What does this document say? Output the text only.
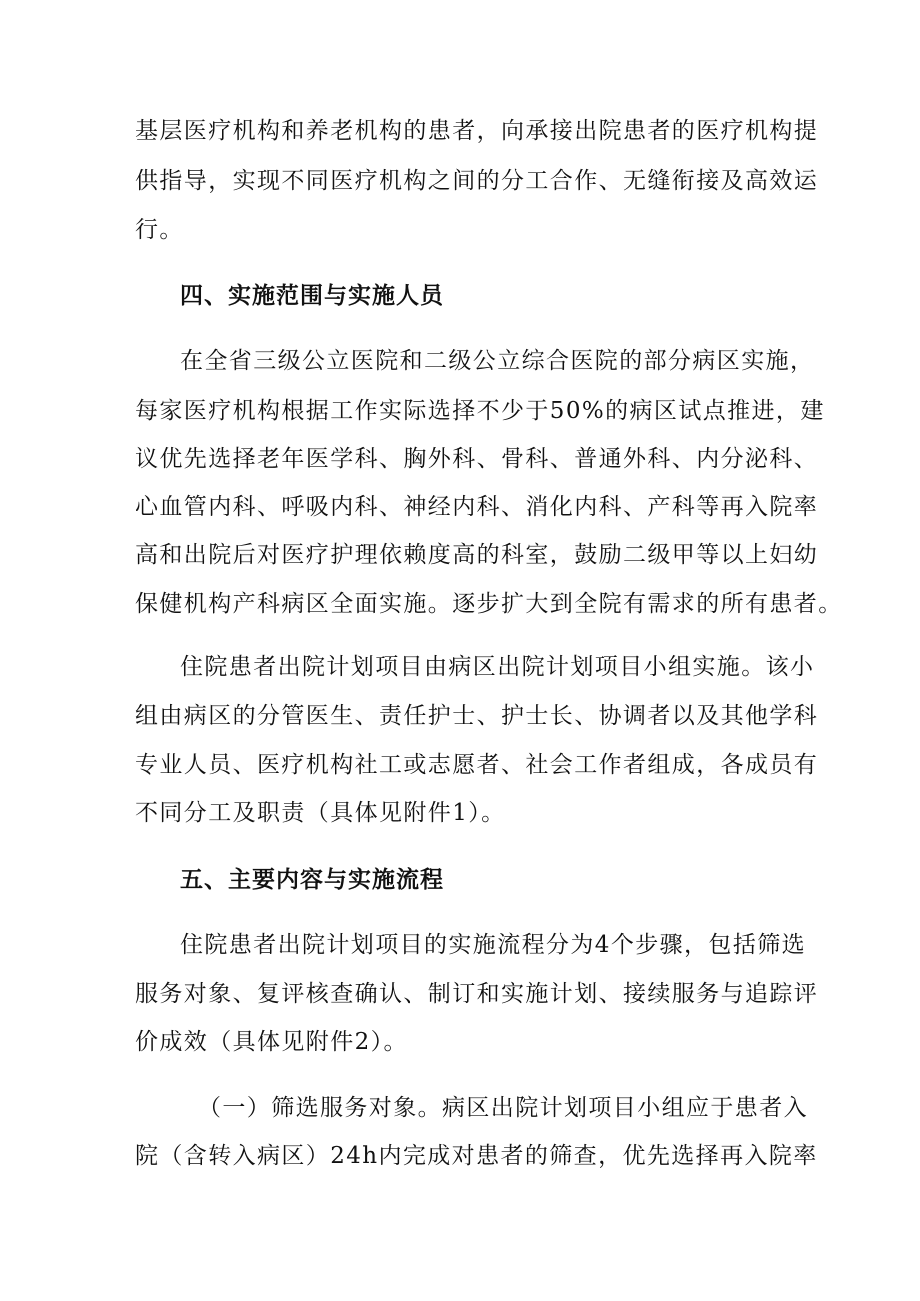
基层医疗机构和养老机构的患者，向承接出院患者的医疗机构提
供指导，实现不同医疗机构之间的分工合作、无缝衔接及高效运
行。
四、实施范围与实施人员
在全省三级公立医院和二级公立综合医院的部分病区实施，
每家医疗机构根据工作实际选择不少于50%的病区试点推进，建
议优先选择老年医学科、胸外科、骨科、普通外科、内分泌科、
心血管内科、呼吸内科、神经内科、消化内科、产科等再入院率
高和出院后对医疗护理依赖度高的科室，鼓励二级甲等以上妇幼
保健机构产科病区全面实施。逐步扩大到全院有需求的所有患者。
住院患者出院计划项目由病区出院计划项目小组实施。该小
组由病区的分管医生、责任护士、护士长、协调者以及其他学科
专业人员、医疗机构社工或志愿者、社会工作者组成，各成员有
不同分工及职责（具体见附件1）。
五、主要内容与实施流程
住院患者出院计划项目的实施流程分为4个步骤，包括筛选
服务对象、复评核查确认、制订和实施计划、接续服务与追踪评
价成效（具体见附件2）。
（一）筛选服务对象。病区出院计划项目小组应于患者入
院（含转入病区）24h内完成对患者的筛查，优先选择再入院率
